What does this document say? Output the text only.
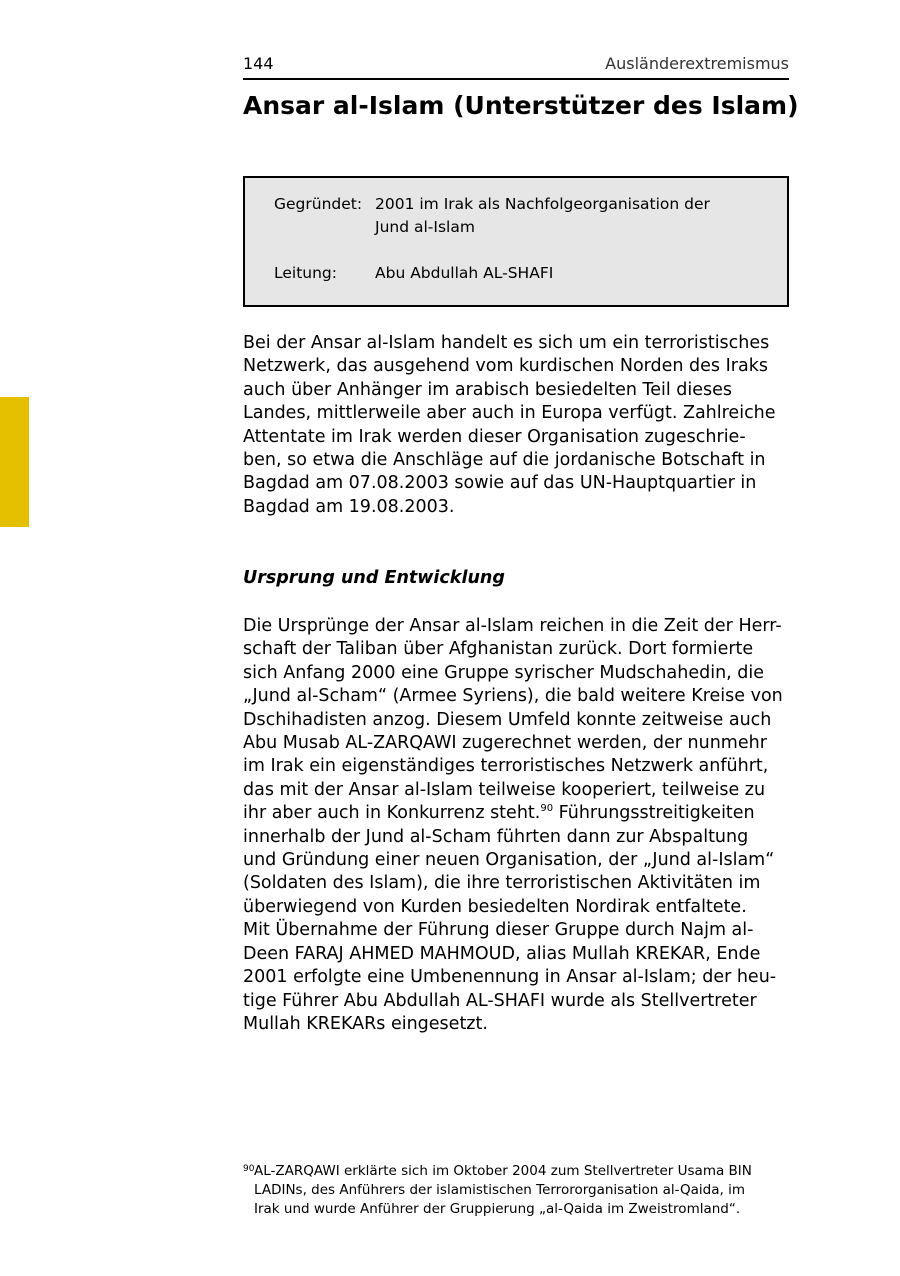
144	Ausländerextremismus
Ansar al-Islam (Unterstützer des Islam)
Gegründet: 2001 im Irak als Nachfolgeorganisation der
Jund al-Islam
Leitung: Abu Abdullah AL-SHAFI
Bei der Ansar al-Islam handelt es sich um ein terroristisches
Netzwerk, das ausgehend vom kurdischen Norden des Iraks
auch über Anhänger im arabisch besiedelten Teil dieses
Landes, mittlerweile aber auch in Europa verfügt. Zahlreiche
Attentate im Irak werden dieser Organisation zugeschrie-
ben, so etwa die Anschläge auf die jordanische Botschaft in
Bagdad am 07.08.2003 sowie auf das UN-Hauptquartier in
Bagdad am 19.08.2003.
Ursprung und Entwicklung
Die Ursprünge der Ansar al-Islam reichen in die Zeit der Herr-
schaft der Taliban über Afghanistan zurück. Dort formierte
sich Anfang 2000 eine Gruppe syrischer Mudschahedin, die
„Jund al-Scham“ (Armee Syriens), die bald weitere Kreise von
Dschihadisten anzog. Diesem Umfeld konnte zeitweise auch
Abu Musab AL-ZARQAWI zugerechnet werden, der nunmehr
im Irak ein eigenständiges terroristisches Netzwerk anführt,
das mit der Ansar al-Islam teilweise kooperiert, teilweise zu
ihr aber auch in Konkurrenz steht.$^{90}$ Führungsstreitigkeiten
innerhalb der Jund al-Scham führten dann zur Abspaltung
und Gründung einer neuen Organisation, der „Jund al-Islam“
(Soldaten des Islam), die ihre terroristischen Aktivitäten im
überwiegend von Kurden besiedelten Nordirak entfaltete.
Mit Übernahme der Führung dieser Gruppe durch Najm al-
Deen FARAJ AHMED MAHMOUD, alias Mullah KREKAR, Ende
2001 erfolgte eine Umbenennung in Ansar al-Islam; der heu-
tige Führer Abu Abdullah AL-SHAFI wurde als Stellvertreter
Mullah KREKARs eingesetzt.
90 AL-ZARQAWI erklärte sich im Oktober 2004 zum Stellvertreter Usama BIN
LADINs, des Anführers der islamistischen Terrororganisation al-Qaida, im
Irak und wurde Anführer der Gruppierung „al-Qaida im Zweistromland“.
